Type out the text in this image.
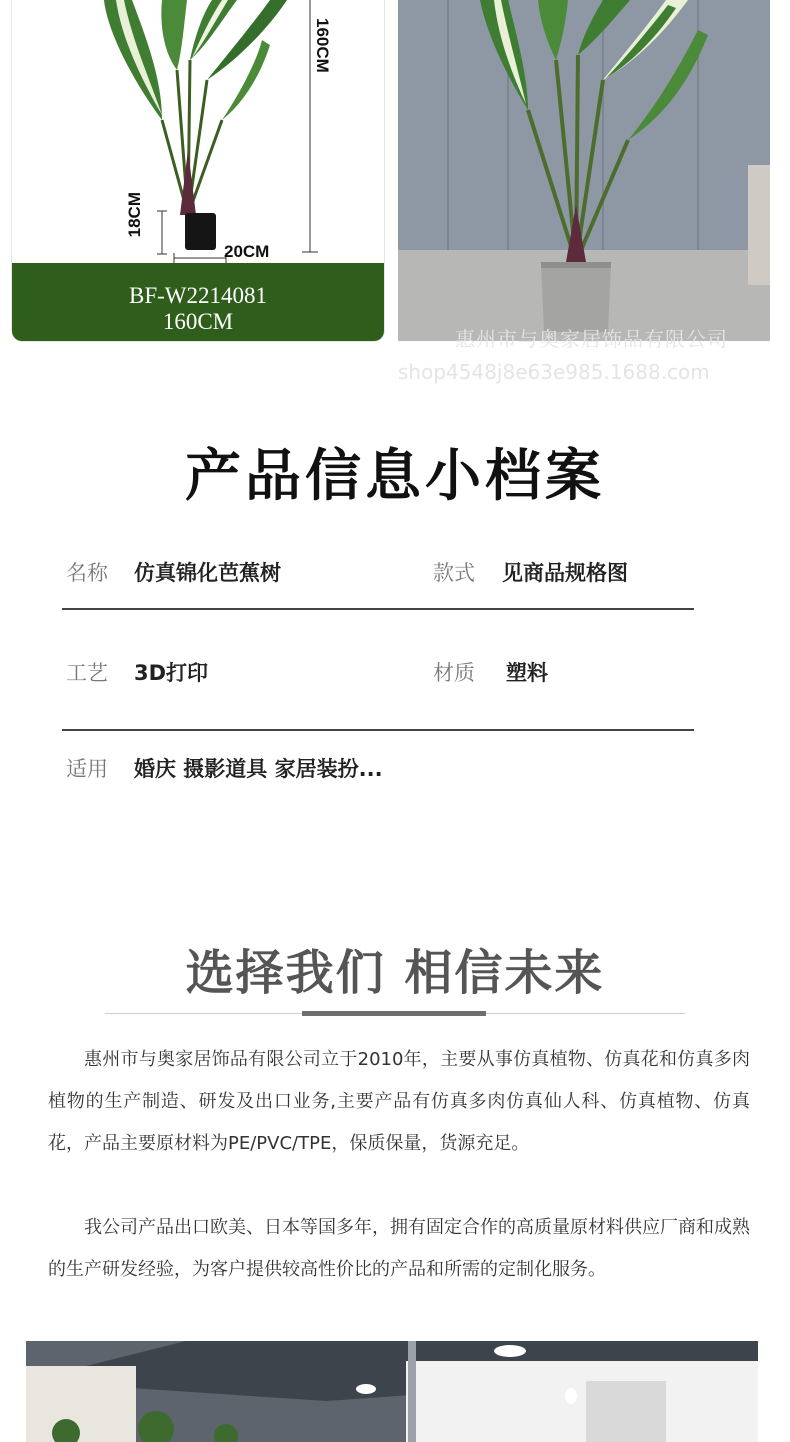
160CM
18CM
20CM
BF-W2214081
160CM
惠州市与奥家居饰品有限公司
shop4548j8e63e985.1688.com
产品信息小档案
名称 仿真锦化芭蕉树	款式 见商品规格图
工艺 3D打印	材质 塑料
适用 婚庆 摄影道具 家居装扮...
选择我们 相信未来

惠州市与奥家居饰品有限公司立于2010年，主要从事仿真植物、仿真花和仿真多肉植物的生产制造、研发及出口业务,主要产品有仿真多肉仿真仙人科、仿真植物、仿真花，产品主要原材料为PE/PVC/TPE，保质保量，货源充足。

我公司产品出口欧美、日本等国多年，拥有固定合作的高质量原材料供应厂商和成熟的生产研发经验，为客户提供较高性价比的产品和所需的定制化服务。
